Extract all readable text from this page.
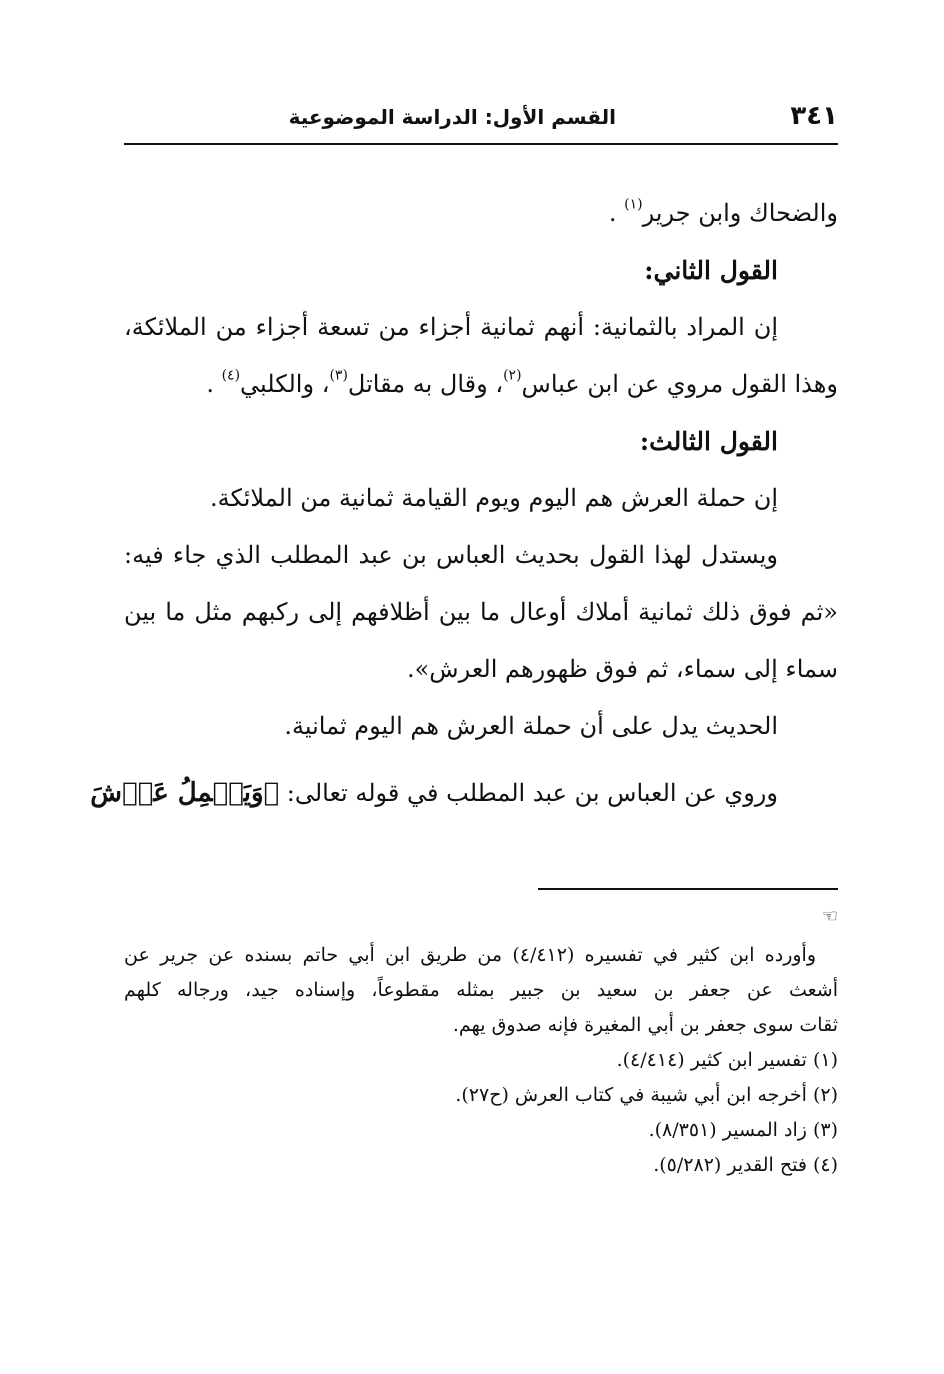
٣٤١
القسم الأول: الدراسة الموضوعية
والضحاك وابن جرير$^{(١)}$ .
القول الثاني:
إن المراد بالثمانية: أنهم ثمانية أجزاء من تسعة أجزاء من الملائكة،
وهذا القول مروي عن ابن عباس$^{(٢)}$، وقال به مقاتل$^{(٣)}$، والكلبي$^{(٤)}$ .
القول الثالث:
إن حملة العرش هم اليوم ويوم القيامة ثمانية من الملائكة.
ويستدل لهذا القول بحديث العباس بن عبد المطلب الذي جاء فيه:
«ثم فوق ذلك ثمانية أملاك أوعال ما بين أظلافهم إلى ركبهم مثل ما بين
سماء إلى سماء، ثم فوق ظهورهم العرش».
الحديث يدل على أن حملة العرش هم اليوم ثمانية.
وروي عن العباس بن عبد المطلب في قوله تعالى: ﴿وَيَحۡمِلُ عَرۡشَ
☜
وأورده ابن كثير في تفسيره (٤/٤١٢) من طريق ابن أبي حاتم بسنده عن جرير عن
أشعث عن جعفر بن سعيد بن جبير بمثله مقطوعاً، وإسناده جيد، ورجاله كلهم
ثقات سوى جعفر بن أبي المغيرة فإنه صدوق يهم.
(١) تفسير ابن كثير (٤/٤١٤).
(٢) أخرجه ابن أبي شيبة في كتاب العرش (ح٢٧).
(٣) زاد المسير (٨/٣٥١).
(٤) فتح القدير (٥/٢٨٢).
